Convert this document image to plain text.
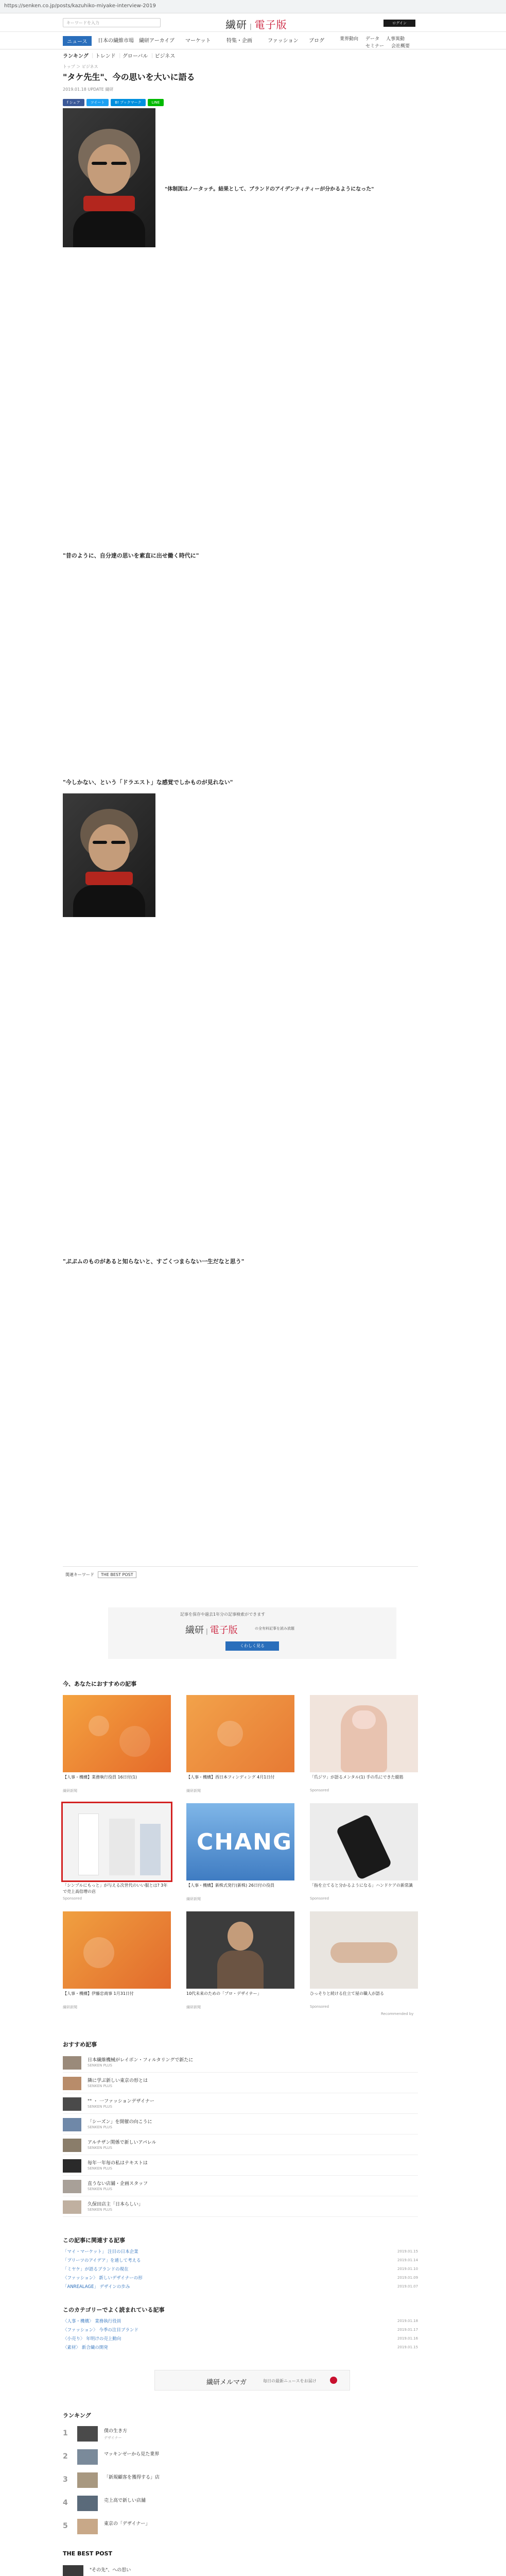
https://senken.co.jp/posts/kazuhiko-miyake-interview-2019
キーワードを入力	繊研 | 電子版	ログイン
ニュース	日本の繊維市場 繊研アーカイブ マーケット	特集・企画	ファッション ブログ	業界動向 データ 人事異動
セミナー 会社概要
ランキング ｜トレンド ｜グローバル ｜ビジネス
トップ ＞ ビジネス
"タケ先生"、今の思いを大いに語る
2019.01.18 UPDATE 繊研
f シェア	ツイート	B! ブックマーク	LINE
"体制図はノータッチ。結果として、ブランドのアイデンティティーが分かるようになった"
"昔のように、自分達の思いを素直に出せ働く時代に"
"今しかない、という「ドラエスト」な感覚でしかものが見れない"
"ぷぷムのものがあると知らないと、すごくつまらない一生だなと思う"
関連キーワード	THE BEST POST
記事を保存や過去1年分の記事検索ができます
繊研 | 電子版	の全有料記事を読み放題
くわしく見る
今、あなたにおすすめの記事
【人事・機構】業務執行役員 16日付(1)
繊研新聞
【人事・機構】西日本フィンディング 4月1日付
繊研新聞
「爪ジワ」が語るメンタル(1) 手の爪にできた縦筋
Sponsored
「シンプルにもっと」が与える次世代のいい服とは? 3年で売上高倍増の店
Sponsored
CHANG
【人事・機構】新株式発行(新株) 26日付の役員
繊研新聞
「指を立てると分かるようになる」ハンドケアの新常識
Sponsored
【人事・機構】伊藤忠商事 1月31日付
繊研新聞
10代未来のための「プロ・デザイナー」
繊研新聞
ひっそりと続ける仕立て屋の職人が語る
Sponsored
Recommended by
おすすめ記事
日本繊維機械がレイボン・フィルタリングで新たに
SENKEN PLUS
隣に学ぶ新しい東京の形とは
SENKEN PLUS
"" ・ 一ファッションデザイナー
SENKEN PLUS
「シーズン」を開催の向こうに
SENKEN PLUS
アルチザン関係で新しいアパレル
SENKEN PLUS
毎年一年毎の私はテキストは
SENKEN PLUS
直うない店舗・企画スタッフ
SENKEN PLUS
久保田店主「日本らしい」
SENKEN PLUS
この記事に関連する記事
「マイ・マーケット」 注目の日本企業	2019.01.15
「プリーツのアイデア」を通して考える	2019.01.14
「ミヤケ」が語るブランドの現在	2019.01.10
〈ファッション〉 新しいデザイナーの形	2019.01.09
「ANREALAGE」 デザインの歩み	2019.01.07
このカテゴリーでよく読まれている記事
〈人事・機構〉 業務執行役員	2019.01.18
〈ファッション〉 今季の注目ブランド	2019.01.17
〈小売り〉 年明けの売上動向	2019.01.16
〈素材〉 新合繊の開発	2019.01.15
繊研メルマガ	毎日の最新ニュースをお届け
ランキング
1	僕の生き方
デザイナー
2	マッキンゼーから見た業界
3	「新規顧客を獲得する」店
4	売上高で新しい店舗
5	東京の「デザイナー」
THE BEST POST
"その先"、への思い
